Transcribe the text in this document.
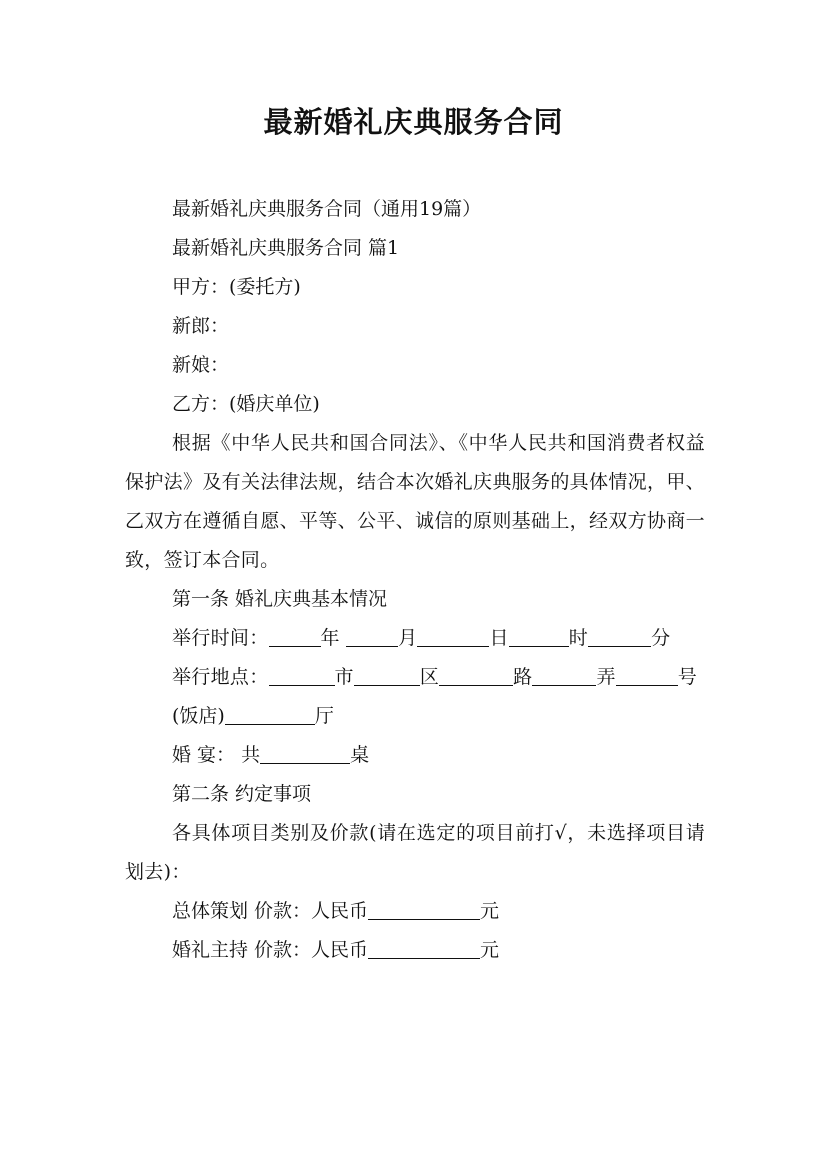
最新婚礼庆典服务合同
最新婚礼庆典服务合同（通用19篇）
最新婚礼庆典服务合同 篇1
甲方：(委托方)
新郎：
新娘：
乙方：(婚庆单位)
根据《中华人民共和国合同法》、《中华人民共和国消费者权益保护法》及有关法律法规，结合本次婚礼庆典服务的具体情况，甲、乙双方在遵循自愿、平等、公平、诚信的原则基础上，经双方协商一致，签订本合同。
第一条 婚礼庆典基本情况
举行时间：	年	月	日	时	分
举行地点：	市	区	路	弄	号
(饭店)	厅
婚 宴： 共	桌
第二条 约定事项
各具体项目类别及价款(请在选定的项目前打√，未选择项目请划去)：
总体策划 价款：人民币	元
婚礼主持 价款：人民币	元
